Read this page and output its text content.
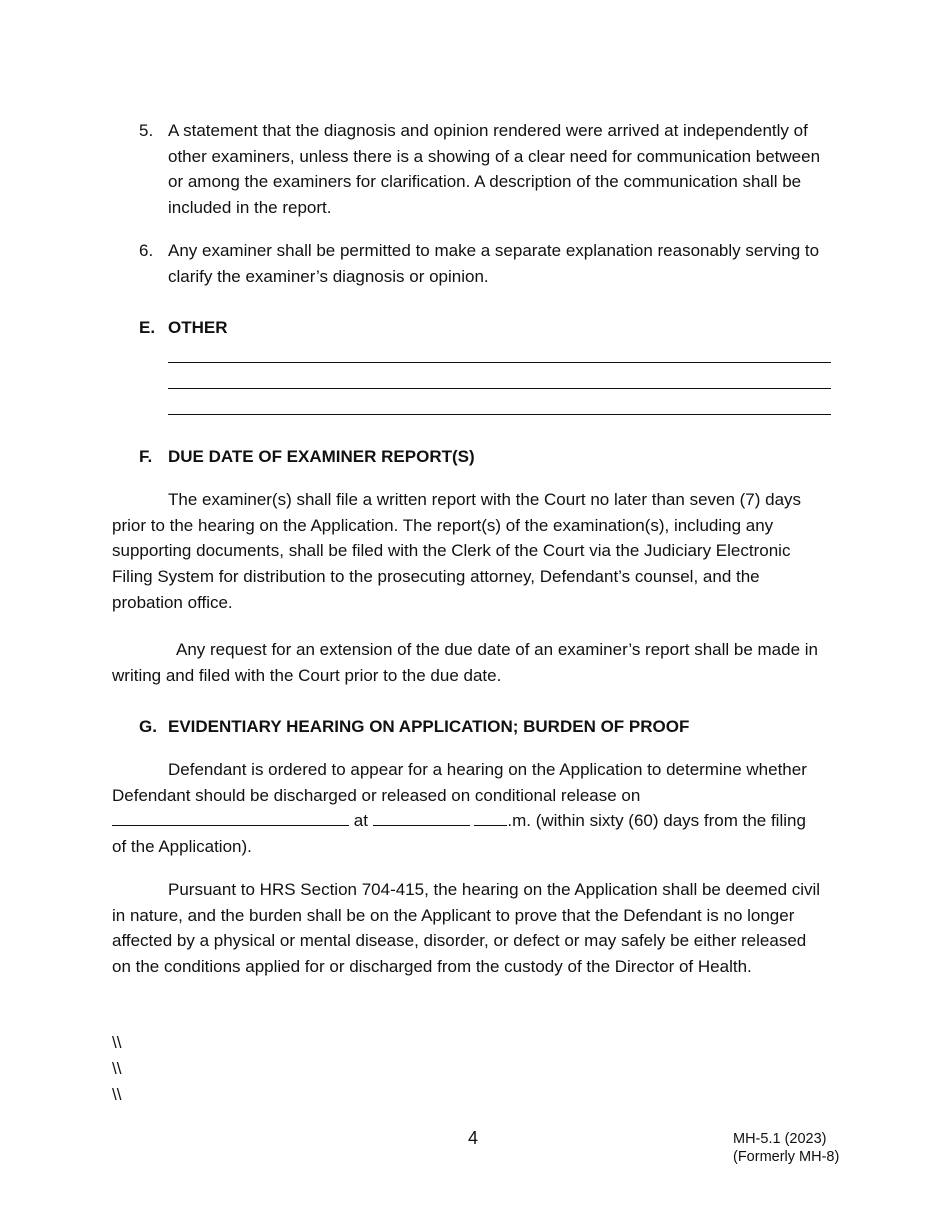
5. A statement that the diagnosis and opinion rendered were arrived at independently of other examiners, unless there is a showing of a clear need for communication between or among the examiners for clarification. A description of the communication shall be included in the report.
6. Any examiner shall be permitted to make a separate explanation reasonably serving to clarify the examiner’s diagnosis or opinion.
E. OTHER
F. DUE DATE OF EXAMINER REPORT(S)
The examiner(s) shall file a written report with the Court no later than seven (7) days prior to the hearing on the Application. The report(s) of the examination(s), including any supporting documents, shall be filed with the Clerk of the Court via the Judiciary Electronic Filing System for distribution to the prosecuting attorney, Defendant’s counsel, and the probation office.
Any request for an extension of the due date of an examiner’s report shall be made in writing and filed with the Court prior to the due date.
G. EVIDENTIARY HEARING ON APPLICATION; BURDEN OF PROOF
Defendant is ordered to appear for a hearing on the Application to determine whether Defendant should be discharged or released on conditional release on  at	.m. (within sixty (60) days from the filing of the Application).
Pursuant to HRS Section 704-415, the hearing on the Application shall be deemed civil in nature, and the burden shall be on the Applicant to prove that the Defendant is no longer affected by a physical or mental disease, disorder, or defect or may safely be either released on the conditions applied for or discharged from the custody of the Director of Health.
\\
\\
\\
4	MH-5.1 (2023)
(Formerly MH-8)
